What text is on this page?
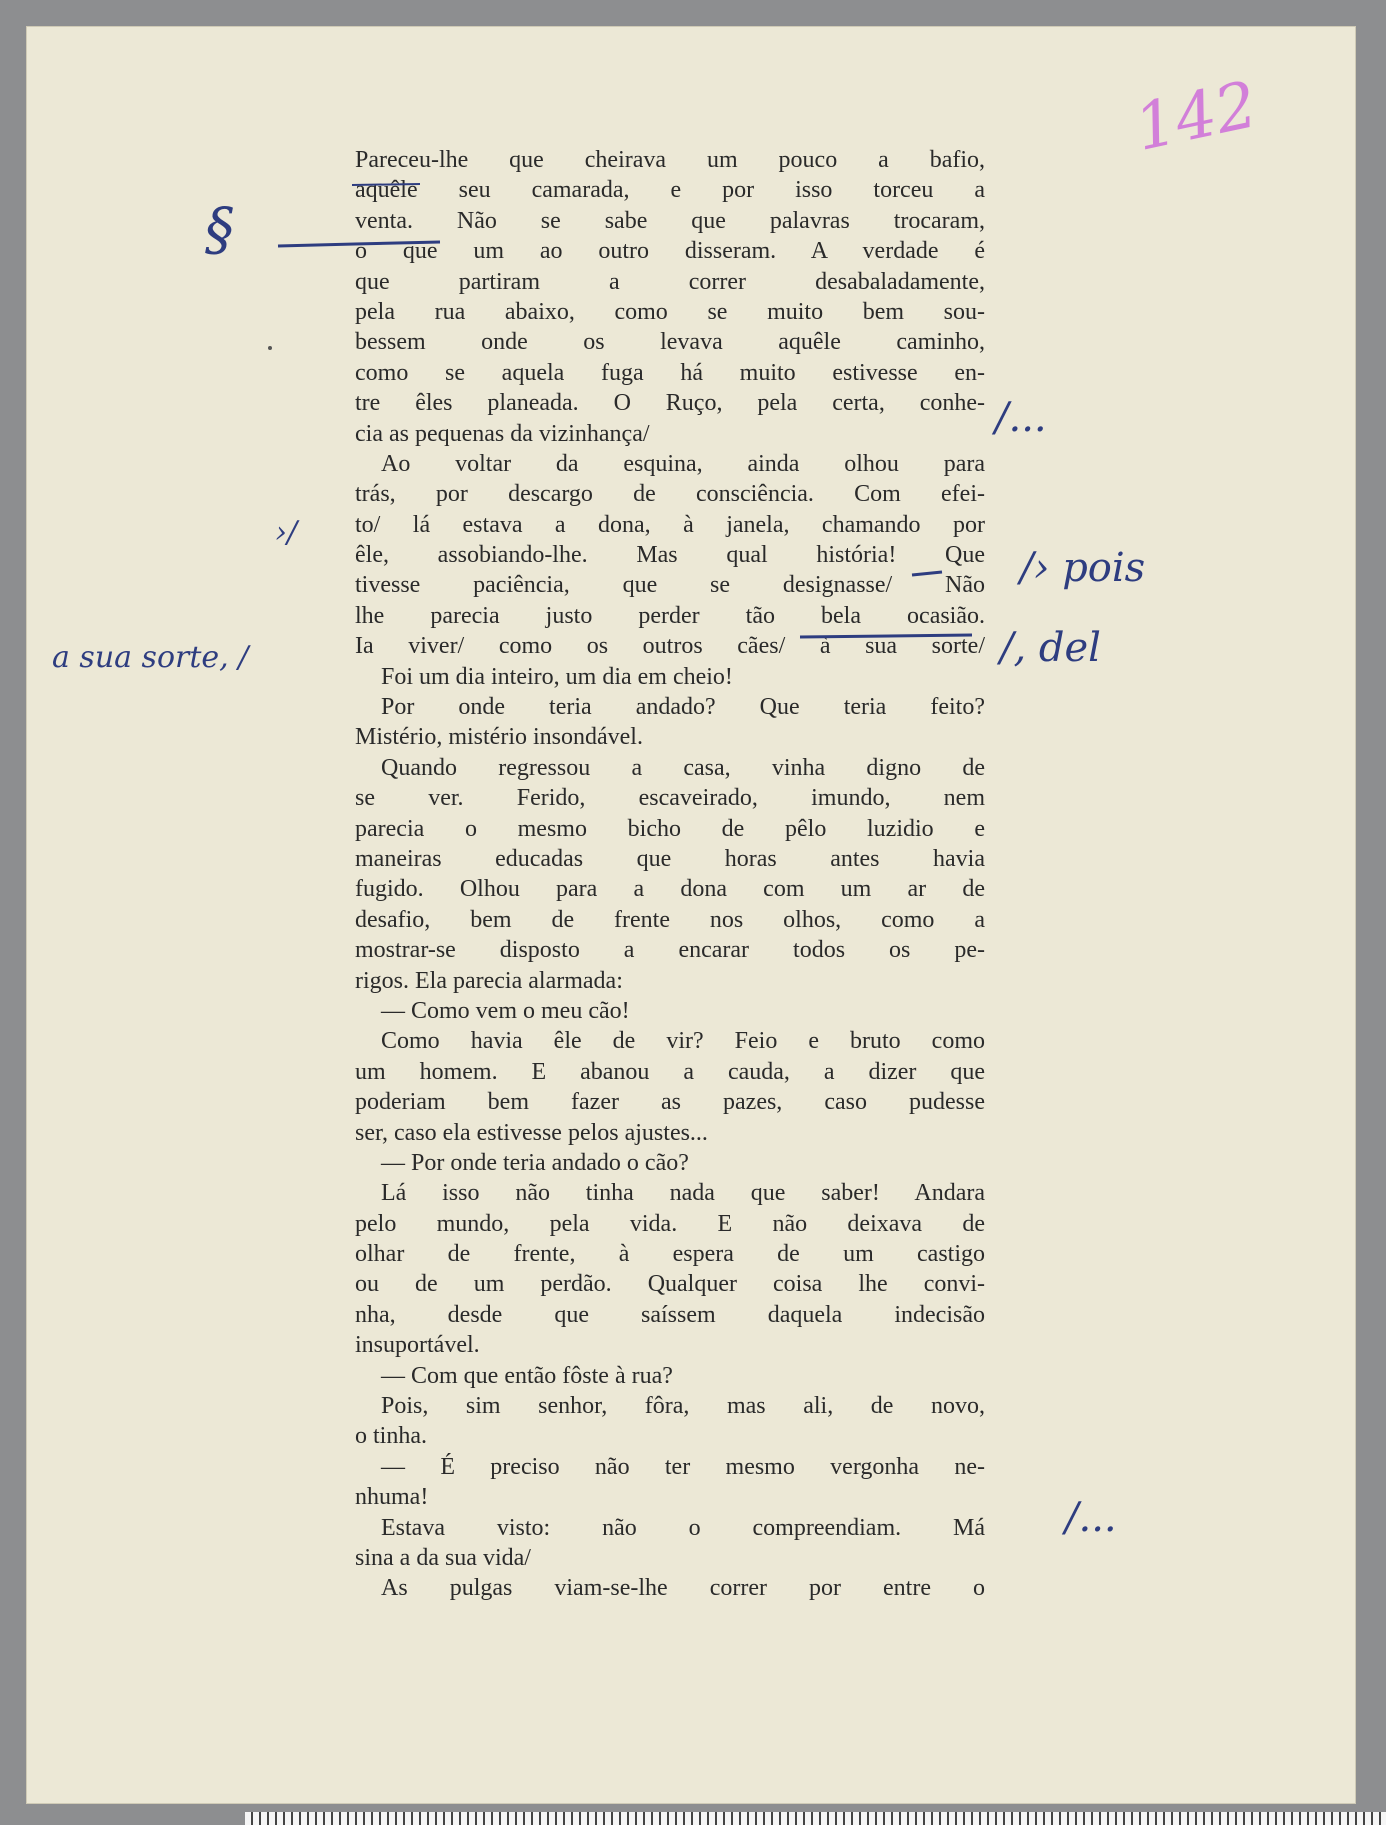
142
Pareceu-lhe que cheirava um pouco a bafio,
aquêle seu camarada, e por isso torceu a
venta. Não se sabe que palavras trocaram,
o que um ao outro disseram. A verdade é
que partiram a correr desabaladamente,
pela rua abaixo, como se muito bem sou-
bessem onde os levava aquêle caminho,
como se aquela fuga há muito estivesse en-
tre êles planeada. O Ruço, pela certa, conhe-
cia as pequenas da vizinhança/
Ao voltar da esquina, ainda olhou para
trás, por descargo de consciência. Com efei-
to/ lá estava a dona, à janela, chamando por
êle, assobiando-lhe. Mas qual história! Que
tivesse paciência, que se designasse/ Não
lhe parecia justo perder tão bela ocasião.
Ia viver/ como os outros cães/ à sua sorte/
Foi um dia inteiro, um dia em cheio!
Por onde teria andado? Que teria feito?
Mistério, mistério insondável.
Quando regressou a casa, vinha digno de
se ver. Ferido, escaveirado, imundo, nem
parecia o mesmo bicho de pêlo luzidio e
maneiras educadas que horas antes havia
fugido. Olhou para a dona com um ar de
desafio, bem de frente nos olhos, como a
mostrar-se disposto a encarar todos os pe-
rigos. Ela parecia alarmada:
— Como vem o meu cão!
Como havia êle de vir? Feio e bruto como
um homem. E abanou a cauda, a dizer que
poderiam bem fazer as pazes, caso pudesse
ser, caso ela estivesse pelos ajustes...
— Por onde teria andado o cão?
Lá isso não tinha nada que saber! Andara
pelo mundo, pela vida. E não deixava de
olhar de frente, à espera de um castigo
ou de um perdão. Qualquer coisa lhe convi-
nha, desde que saíssem daquela indecisão
insuportável.
— Com que então fôste à rua?
Pois, sim senhor, fôra, mas ali, de novo,
o tinha.
— É preciso não ter mesmo vergonha ne-
nhuma!
Estava visto: não o compreendiam. Má
sina a da sua vida/
As pulgas viam-se-lhe correr por entre o
§
/...
›/
/› pois
a sua sorte, /	/, del
/...
